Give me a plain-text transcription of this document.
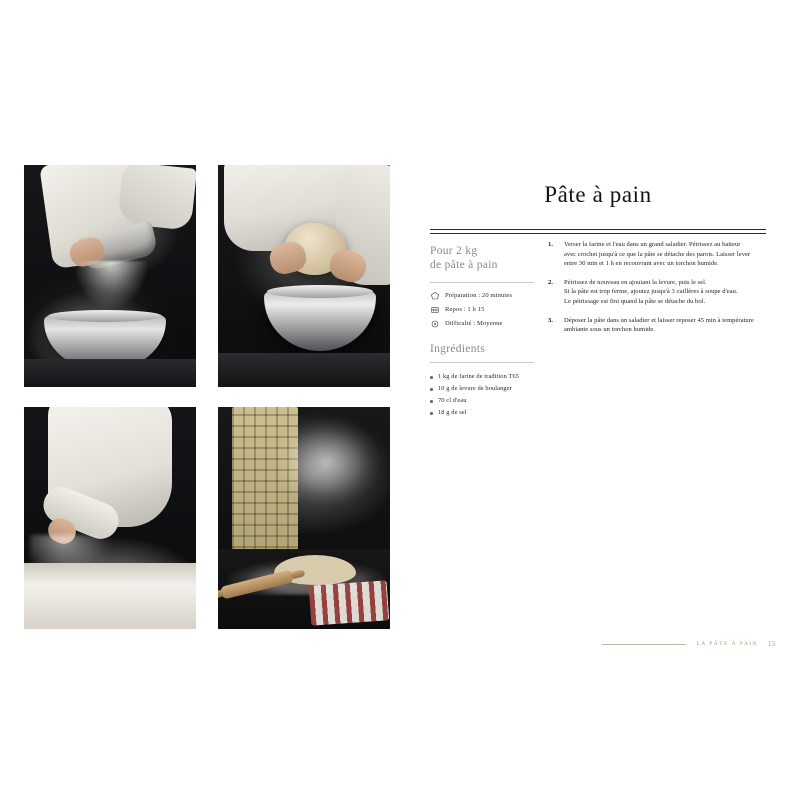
Pâte à pain
Pour 2 kg
de pâte à pain
Préparation : 20 minutes
Repos : 1 h 15
Difficulté : Moyenne
Ingrédients
1 kg de farine de tradition T65
10 g de levure de boulanger
70 cl d'eau
18 g de sel
1.	Verser la farine et l'eau dans un grand saladier. Pétrissez au batteur
avec crochet jusqu'à ce que la pâte se détache des parois. Laisser lever
entre 30 min et 1 h en recouvrant avec un torchon humide.
2.	Pétrissez de nouveau en ajoutant la levure, puis le sel.
Si la pâte est trop ferme, ajoutez jusqu'à 3 cuillères à soupe d'eau.
Le pétrissage est fini quand la pâte se détache du bol.
3.	Déposer la pâte dans un saladier et laisser reposer 45 min à température
ambiante sous un torchon humide.
LA PÂTE À PAIN 15
